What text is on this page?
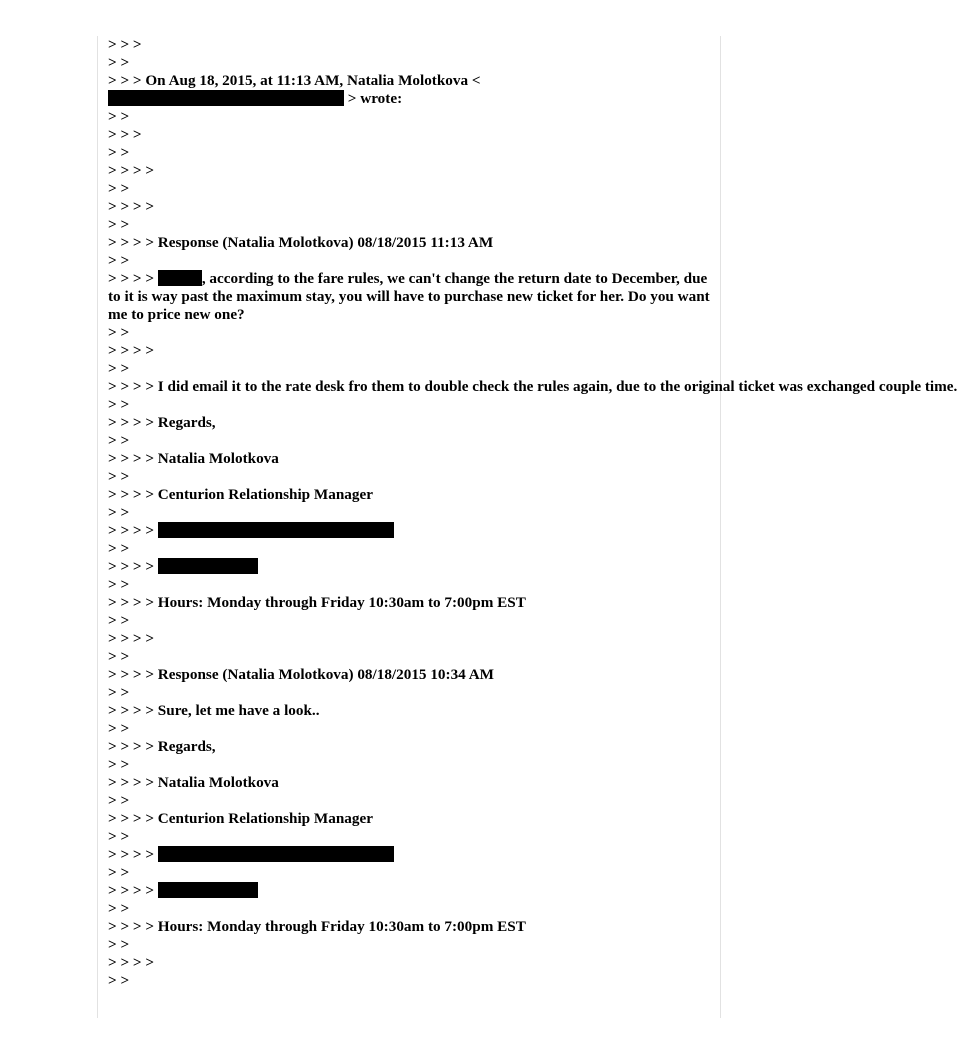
> > >
> >
> > > On Aug 18, 2015, at 11:13 AM, Natalia Molotkova <
> wrote:
> >
> > >
> >
> > > >
> >
> > > >
> >
> > > > Response (Natalia Molotkova) 08/18/2015 11:13 AM
> >
> > > >	, according to the fare rules, we can't change the return date to December, due to it is way past the maximum stay, you will have to purchase new ticket for her. Do you want me to price new one?
> >
> > > >
> >
> > > > I did email it to the rate desk fro them to double check the rules again, due to the original ticket was exchanged couple time.
> >
> > > > Regards,
> >
> > > > Natalia Molotkova
> >
> > > > Centurion Relationship Manager
> >
> > > >
> >
> > > >
> >
> > > > Hours: Monday through Friday 10:30am to 7:00pm EST
> >
> > > >
> >
> > > > Response (Natalia Molotkova) 08/18/2015 10:34 AM
> >
> > > > Sure, let me have a look..
> >
> > > > Regards,
> >
> > > > Natalia Molotkova
> >
> > > > Centurion Relationship Manager
> >
> > > >
> >
> > > >
> >
> > > > Hours: Monday through Friday 10:30am to 7:00pm EST
> >
> > > >
> >
